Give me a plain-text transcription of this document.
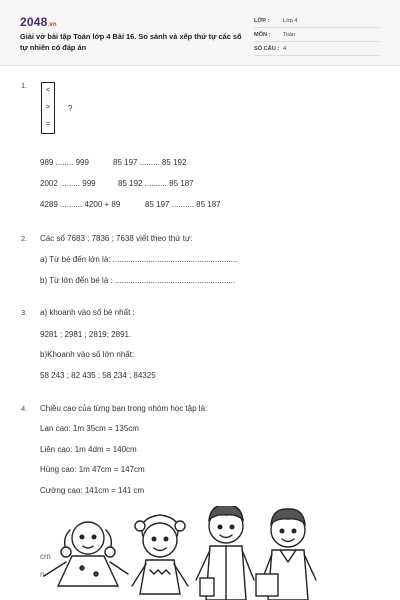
2048.vn
Giải vở bài tập Toán lớp 4 Bài 16. So sánh và xếp thứ tự các số tự nhiên có đáp án
LỚP : Lớp 4
MÔN : Toán
SỐ CÂU : 4
1.
<
>
=
?
989 ........ 999	85 197 ......... 85 192
2002 ......... 999	85 192 .......... 85 187
4289 .......... 4200 + 89	85 197 .......... 85 187
2. Các số 7683 ; 7836 ; 7638 viết theo thứ tự:
a) Từ bé đến lớn là: ........................................................
b) Từ lớn đến bé là : ......................................................
3. a) khoanh vào số bé nhất :
9281 ; 2981 ; 2819; 2891.
b)Khoanh vào số lớn nhất:
58 243 ; 82 435 ; 58 234 ; 84325
4. Chiều cao của từng bạn trong nhóm học tập là:
Lan cao: 1m 35cm = 135cm
Liên cao: 1m 4dm = 140cm
Hùng cao: 1m 47cm = 147cm
Cường cao: 141cm = 141 cm
cm
n
